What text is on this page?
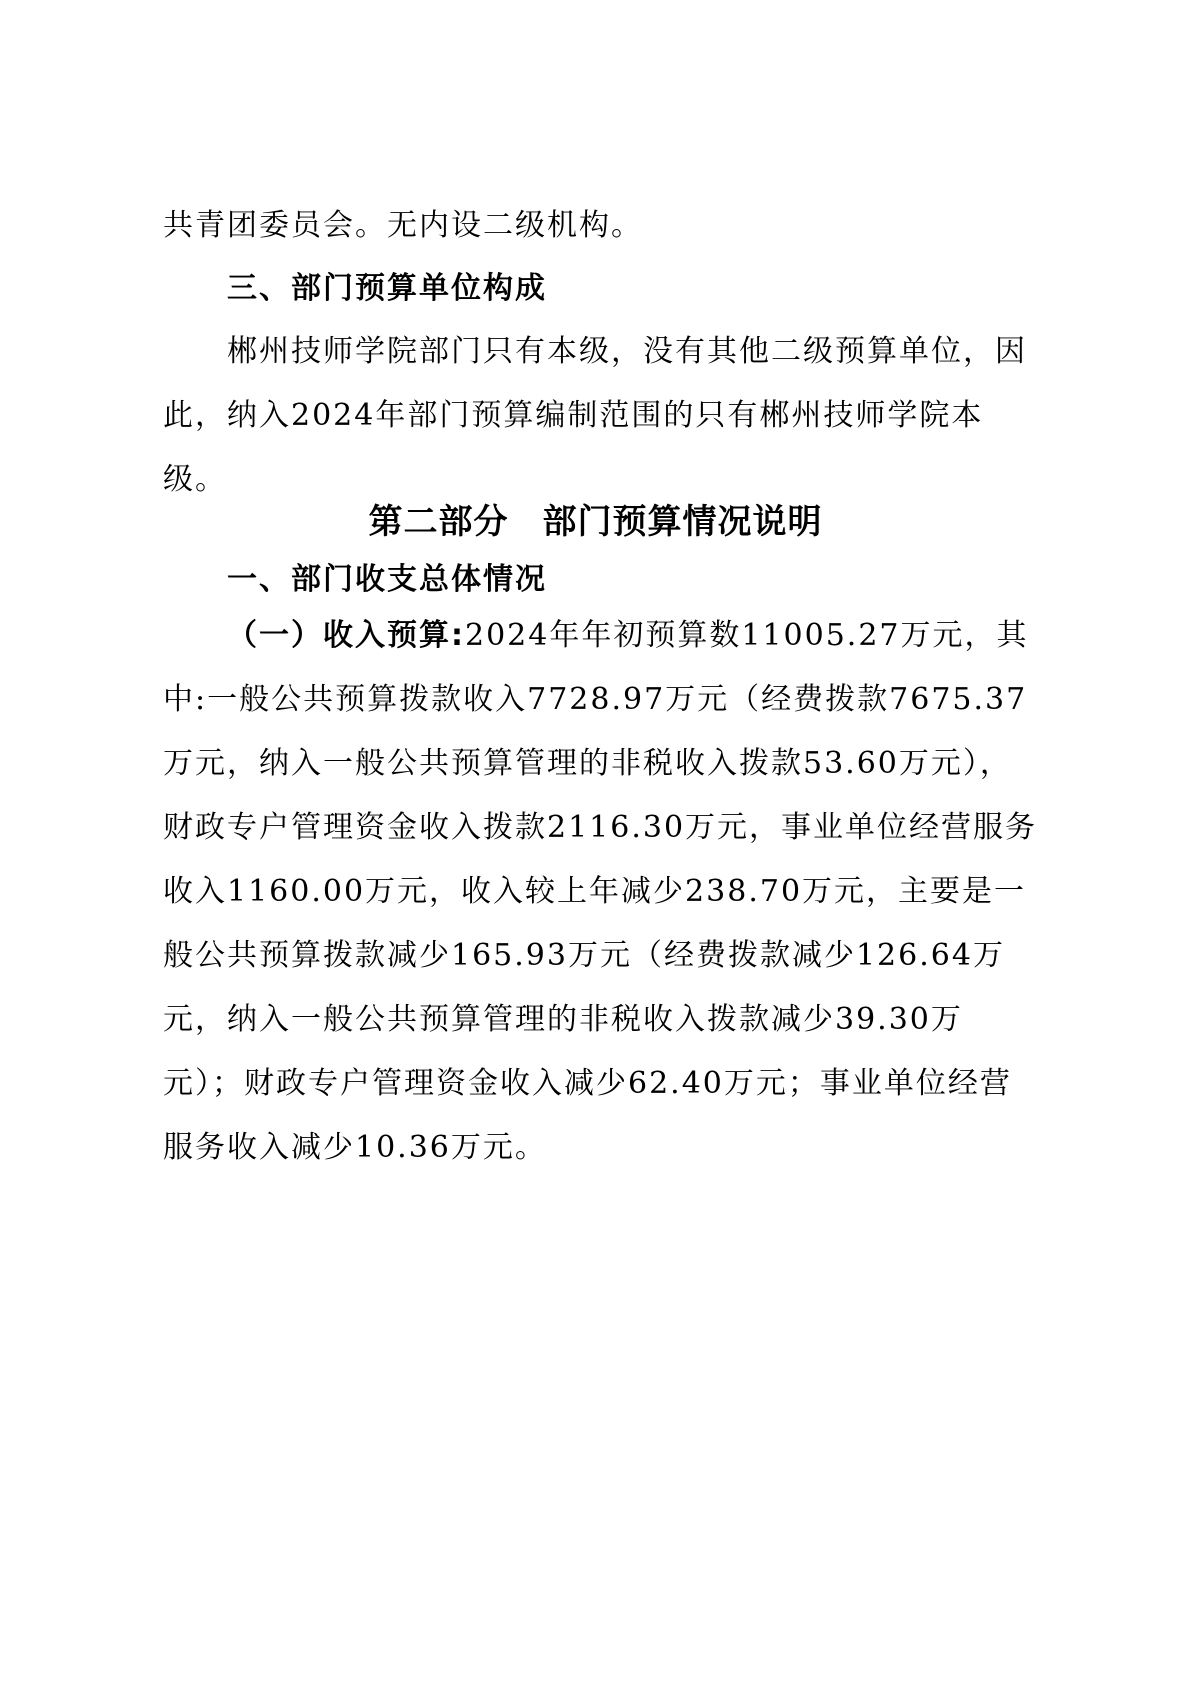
共青团委员会。无内设二级机构。
三、部门预算单位构成
郴州技师学院部门只有本级，没有其他二级预算单位，因此，纳入2024年部门预算编制范围的只有郴州技师学院本级。
第二部分 部门预算情况说明
一、部门收支总体情况
（一）收入预算:2024年年初预算数11005.27万元，其中:一般公共预算拨款收入7728.97万元（经费拨款7675.37万元，纳入一般公共预算管理的非税收入拨款53.60万元），财政专户管理资金收入拨款2116.30万元，事业单位经营服务收入1160.00万元，收入较上年减少238.70万元，主要是一般公共预算拨款减少165.93万元（经费拨款减少126.64万元，纳入一般公共预算管理的非税收入拨款减少39.30万元）；财政专户管理资金收入减少62.40万元；事业单位经营服务收入减少10.36万元。
